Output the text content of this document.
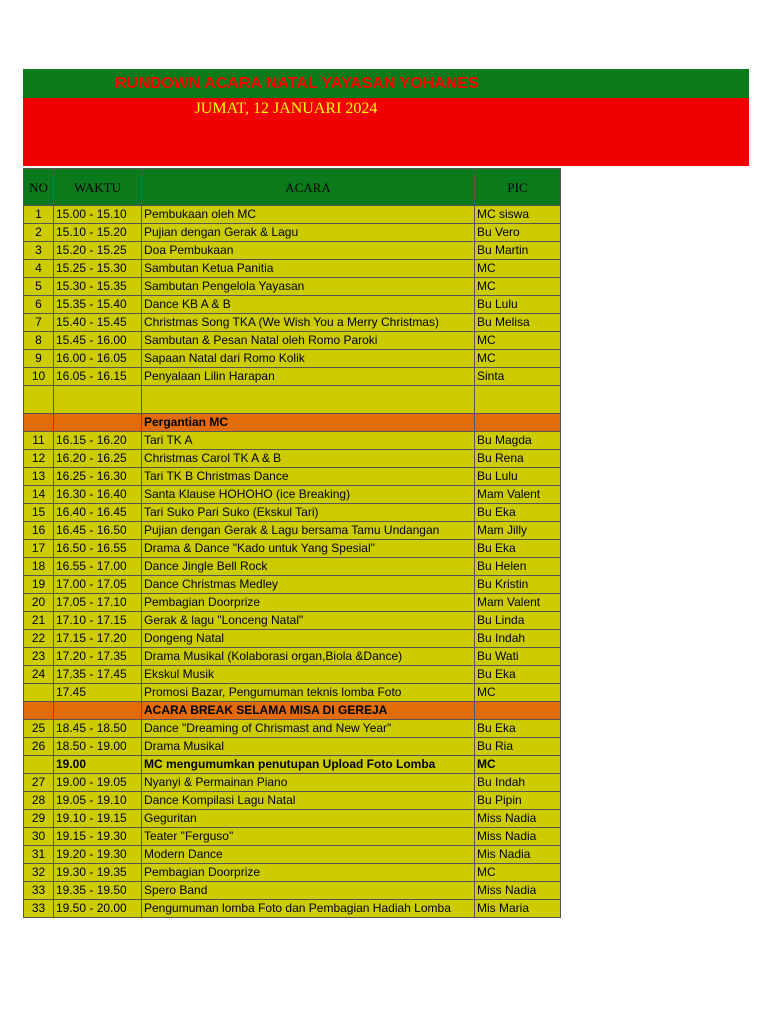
RUNDOWN ACARA NATAL YAYASAN YOHANES
JUMAT, 12 JANUARI 2024
NO	WAKTU	ACARA	PIC
1	15.00 - 15.10	Pembukaan oleh MC	MC siswa
2	15.10 - 15.20	Pujian dengan Gerak & Lagu	Bu Vero
3	15.20 - 15.25	Doa Pembukaan	Bu Martin
4	15.25 - 15.30	Sambutan Ketua Panitia	MC
5	15.30 - 15.35	Sambutan Pengelola Yayasan	MC
6	15.35 - 15.40	Dance KB A & B	Bu Lulu
7	15.40 - 15.45	Christmas Song TKA (We Wish You a Merry Christmas)	Bu Melisa
8	15.45 - 16.00	Sambutan & Pesan Natal oleh Romo Paroki	MC
9	16.00 - 16.05	Sapaan Natal dari Romo Kolik	MC
10	16.05 - 16.15	Penyalaan Lilin Harapan	Sinta

		Pergantian MC	
11	16.15 - 16.20	Tari TK A	Bu Magda
12	16.20 - 16.25	Christmas Carol TK A & B	Bu Rena
13	16.25 - 16.30	Tari TK B Christmas Dance	Bu Lulu
14	16.30 - 16.40	Santa Klause HOHOHO (ice Breaking)	Mam Valent
15	16.40 - 16.45	Tari Suko Pari Suko (Ekskul Tari)	Bu Eka
16	16.45 - 16.50	Pujian dengan Gerak & Lagu bersama Tamu Undangan	Mam Jilly
17	16.50 - 16.55	Drama & Dance "Kado untuk Yang Spesial"	Bu Eka
18	16.55 - 17.00	Dance Jingle Bell Rock	Bu Helen
19	17.00 - 17.05	Dance Christmas Medley	Bu Kristin
20	17.05 - 17.10	Pembagian Doorprize	Mam Valent
21	17.10 - 17.15	Gerak & lagu "Lonceng Natal"	Bu Linda
22	17.15 - 17.20	Dongeng Natal	Bu Indah
23	17.20 - 17.35	Drama Musikal (Kolaborasi organ,Biola &Dance)	Bu Wati
24	17.35 - 17.45	Ekskul Musik	Bu Eka
	17.45	Promosi Bazar, Pengumuman teknis lomba Foto	MC
		ACARA BREAK SELAMA MISA DI GEREJA	
25	18.45 - 18.50	Dance "Dreaming of Chrismast and New Year"	Bu Eka
26	18.50 - 19.00	Drama Musikal	Bu Ria
	19.00	MC mengumumkan penutupan Upload Foto Lomba	MC
27	19.00 - 19.05	Nyanyi & Permainan Piano	Bu Indah
28	19.05 - 19.10	Dance Kompilasi Lagu Natal	Bu Pipin
29	19.10 - 19.15	Geguritan	Miss Nadia
30	19.15 - 19.30	Teater "Ferguso"	Miss Nadia
31	19.20 - 19.30	Modern Dance	Mis Nadia
32	19.30 - 19.35	Pembagian Doorprize	MC
33	19.35 - 19.50	Spero Band	Miss Nadia
33	19.50 - 20.00	Pengumuman lomba Foto dan Pembagian Hadiah Lomba	Mis Maria
